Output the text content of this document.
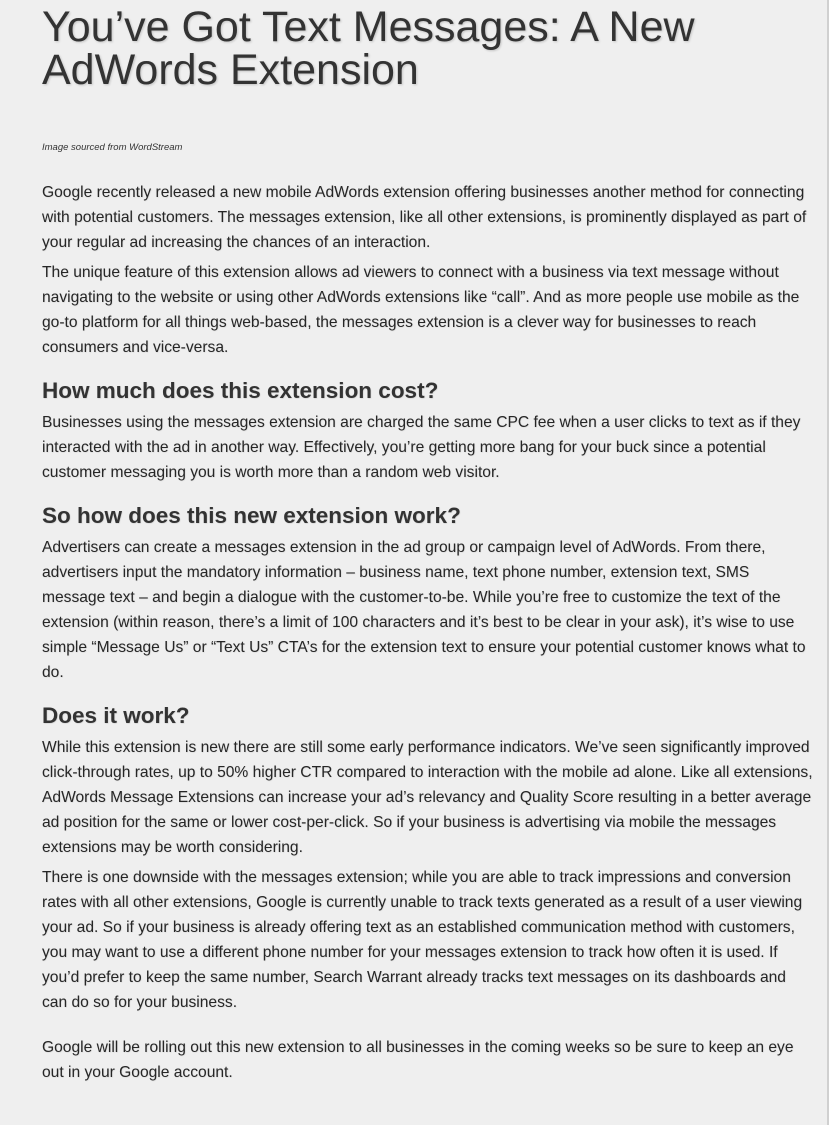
You’ve Got Text Messages: A New AdWords Extension
Image sourced from WordStream

Google recently released a new mobile AdWords extension offering businesses another method for connecting with potential customers. The messages extension, like all other extensions, is prominently displayed as part of your regular ad increasing the chances of an interaction.

The unique feature of this extension allows ad viewers to connect with a business via text message without navigating to the website or using other AdWords extensions like “call”. And as more people use mobile as the go-to platform for all things web-based, the messages extension is a clever way for businesses to reach consumers and vice-versa.

How much does this extension cost?

Businesses using the messages extension are charged the same CPC fee when a user clicks to text as if they interacted with the ad in another way. Effectively, you’re getting more bang for your buck since a potential customer messaging you is worth more than a random web visitor.

So how does this new extension work?

Advertisers can create a messages extension in the ad group or campaign level of AdWords. From there, advertisers input the mandatory information – business name, text phone number, extension text, SMS message text – and begin a dialogue with the customer-to-be. While you’re free to customize the text of the extension (within reason, there’s a limit of 100 characters and it’s best to be clear in your ask), it’s wise to use simple “Message Us” or “Text Us” CTA’s for the extension text to ensure your potential customer knows what to do.

Does it work?

While this extension is new there are still some early performance indicators. We’ve seen significantly improved click-through rates, up to 50% higher CTR compared to interaction with the mobile ad alone. Like all extensions, AdWords Message Extensions can increase your ad’s relevancy and Quality Score resulting in a better average ad position for the same or lower cost-per-click. So if your business is advertising via mobile the messages extensions may be worth considering.

There is one downside with the messages extension; while you are able to track impressions and conversion rates with all other extensions, Google is currently unable to track texts generated as a result of a user viewing your ad. So if your business is already offering text as an established communication method with customers, you may want to use a different phone number for your messages extension to track how often it is used. If you’d prefer to keep the same number, Search Warrant already tracks text messages on its dashboards and can do so for your business.

Google will be rolling out this new extension to all businesses in the coming weeks so be sure to keep an eye out in your Google account.
